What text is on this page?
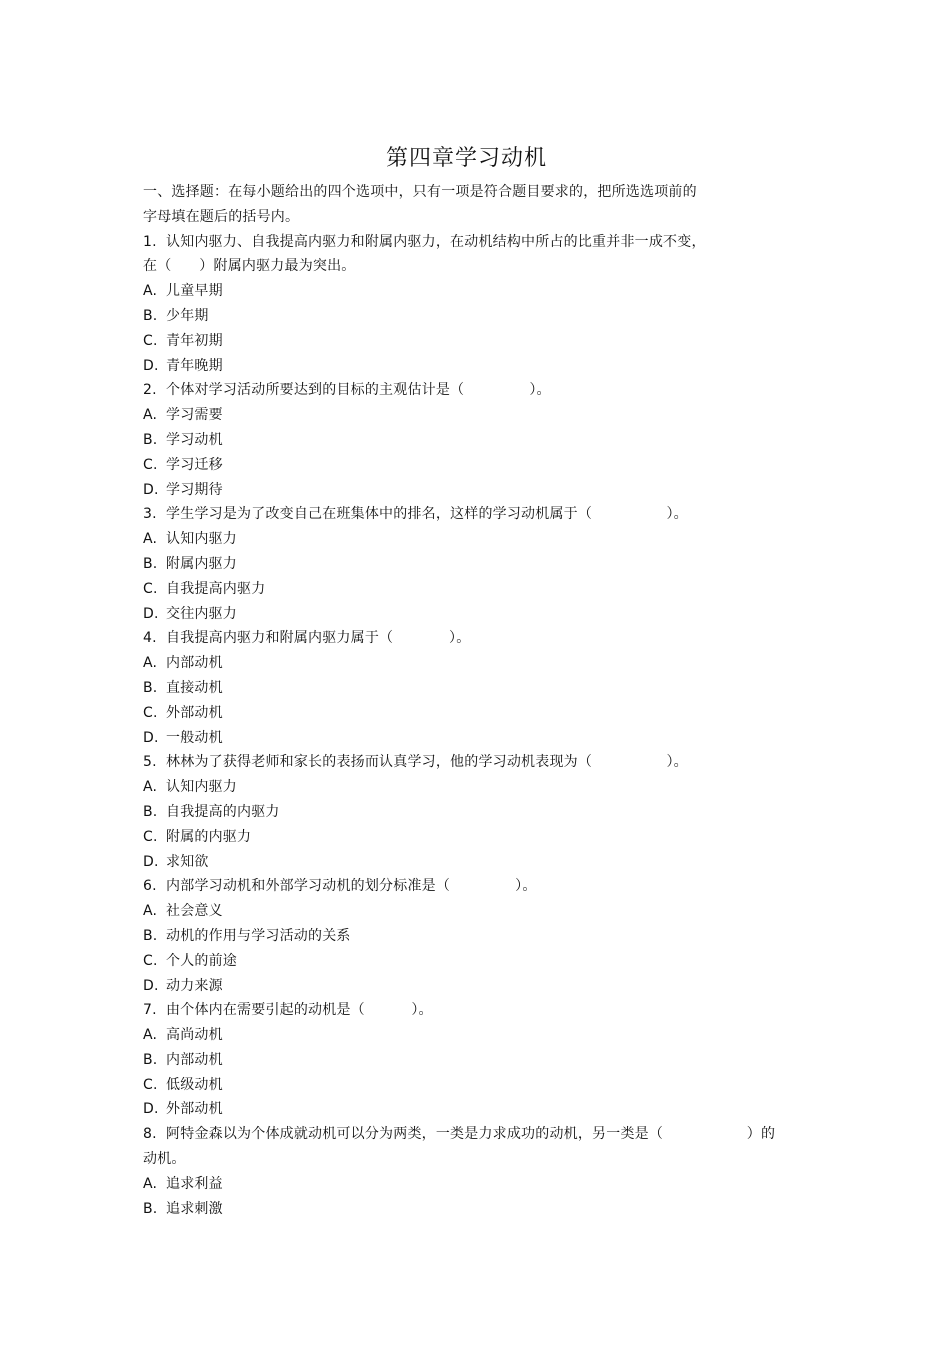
第四章学习动机
一、选择题：在每小题给出的四个选项中，只有一项是符合题目要求的，把所选选项前的
字母填在题后的括号内。
1.  认知内驱力、自我提高内驱力和附属内驱力，在动机结构中所占的比重并非一成不变，
在（      ）附属内驱力最为突出。
A. 儿童早期
B. 少年期
C. 青年初期
D. 青年晚期
2.  个体对学习活动所要达到的目标的主观估计是（              ）。
A. 学习需要
B. 学习动机
C. 学习迁移
D. 学习期待
3.  学生学习是为了改变自己在班集体中的排名，这样的学习动机属于（                ）。
A. 认知内驱力
B. 附属内驱力
C. 自我提高内驱力
D. 交往内驱力
4.  自我提高内驱力和附属内驱力属于（            ）。
A. 内部动机
B. 直接动机
C. 外部动机
D. 一般动机
5.  林林为了获得老师和家长的表扬而认真学习，他的学习动机表现为（                ）。
A. 认知内驱力
B. 自我提高的内驱力
C. 附属的内驱力
D. 求知欲
6.  内部学习动机和外部学习动机的划分标准是（              ）。
A. 社会意义
B. 动机的作用与学习活动的关系
C. 个人的前途
D. 动力来源
7.  由个体内在需要引起的动机是（          ）。
A. 高尚动机
B. 内部动机
C. 低级动机
D. 外部动机
8.  阿特金森以为个体成就动机可以分为两类，一类是力求成功的动机，另一类是（                  ）的
动机。
A. 追求利益
B. 追求刺激
